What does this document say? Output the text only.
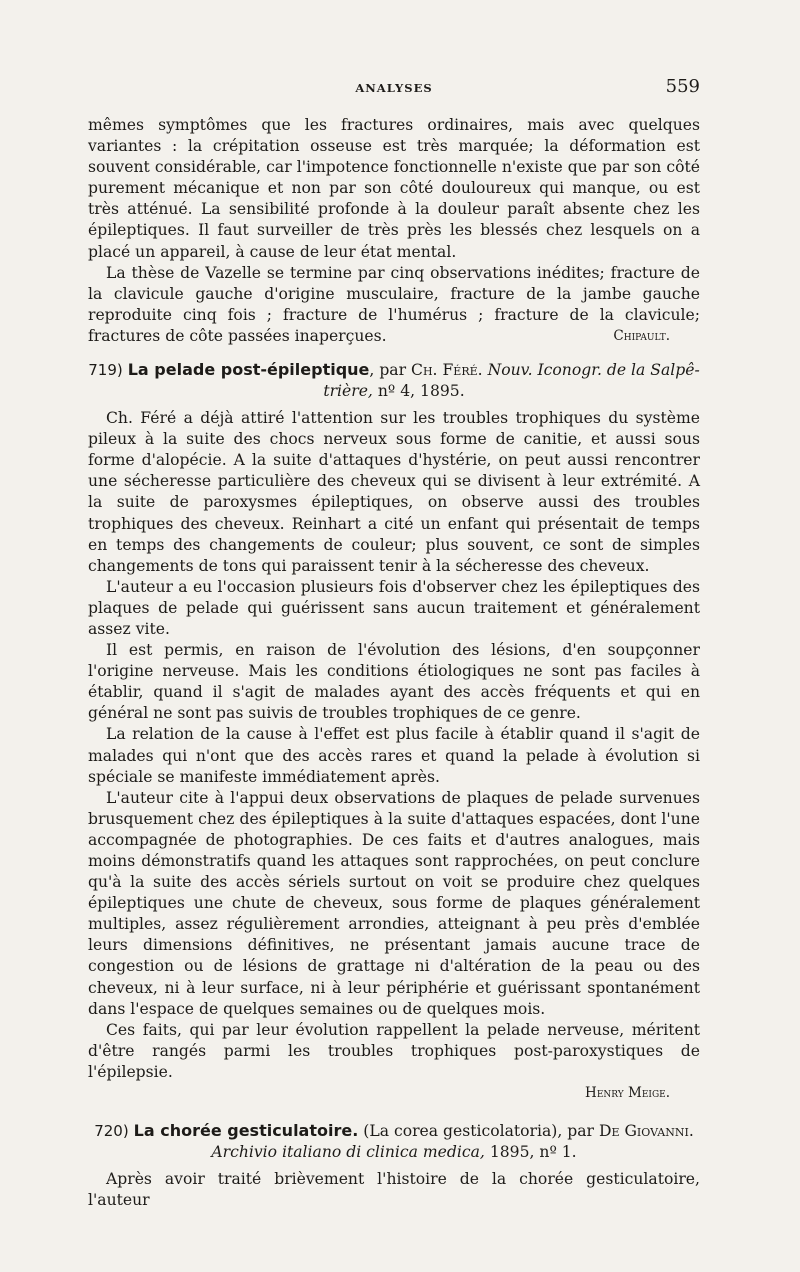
ANALYSES	559

mêmes symptômes que les fractures ordinaires, mais avec quelques variantes : la crépitation osseuse est très marquée; la déformation est souvent considérable, car l'impotence fonctionnelle n'existe que par son côté purement mécanique et non par son côté douloureux qui manque, ou est très atténué. La sensibilité profonde à la douleur paraît absente chez les épileptiques. Il faut surveiller de très près les blessés chez lesquels on a placé un appareil, à cause de leur état mental.

La thèse de Vazelle se termine par cinq observations inédites; fracture de la clavicule gauche d'origine musculaire, fracture de la jambe gauche reproduite cinq fois ; fracture de l'humérus ; fracture de la clavicule; fractures de côte passées inaperçues.	Chipault.

719) La pelade post-épileptique, par Ch. Féré. Nouv. Iconogr. de la Salpê-
trière, nº 4, 1895.

Ch. Féré a déjà attiré l'attention sur les troubles trophiques du système pileux à la suite des chocs nerveux sous forme de canitie, et aussi sous forme d'alopécie. A la suite d'attaques d'hystérie, on peut aussi rencontrer une sécheresse particulière des cheveux qui se divisent à leur extrémité. A la suite de paroxysmes épileptiques, on observe aussi des troubles trophiques des cheveux. Reinhart a cité un enfant qui présentait de temps en temps des changements de couleur; plus souvent, ce sont de simples changements de tons qui paraissent tenir à la sécheresse des cheveux.

L'auteur a eu l'occasion plusieurs fois d'observer chez les épileptiques des plaques de pelade qui guérissent sans aucun traitement et généralement assez vite.

Il est permis, en raison de l'évolution des lésions, d'en soupçonner l'origine nerveuse. Mais les conditions étiologiques ne sont pas faciles à établir, quand il s'agit de malades ayant des accès fréquents et qui en général ne sont pas suivis de troubles trophiques de ce genre.

La relation de la cause à l'effet est plus facile à établir quand il s'agit de malades qui n'ont que des accès rares et quand la pelade à évolution si spéciale se manifeste immédiatement après.

L'auteur cite à l'appui deux observations de plaques de pelade survenues brusquement chez des épileptiques à la suite d'attaques espacées, dont l'une accompagnée de photographies. De ces faits et d'autres analogues, mais moins démonstratifs quand les attaques sont rapprochées, on peut conclure qu'à la suite des accès sériels surtout on voit se produire chez quelques épileptiques une chute de cheveux, sous forme de plaques généralement multiples, assez régulièrement arrondies, atteignant à peu près d'emblée leurs dimensions définitives, ne présentant jamais aucune trace de congestion ou de lésions de grattage ni d'altération de la peau ou des cheveux, ni à leur surface, ni à leur périphérie et guérissant spontanément dans l'espace de quelques semaines ou de quelques mois.

Ces faits, qui par leur évolution rappellent la pelade nerveuse, méritent d'être rangés parmi les troubles trophiques post-paroxystiques de l'épilepsie.

Henry Meige.

720) La chorée gesticulatoire. (La corea gesticolatoria), par De Giovanni.
Archivio italiano di clinica medica, 1895, nº 1.

Après avoir traité brièvement l'histoire de la chorée gesticulatoire, l'auteur
